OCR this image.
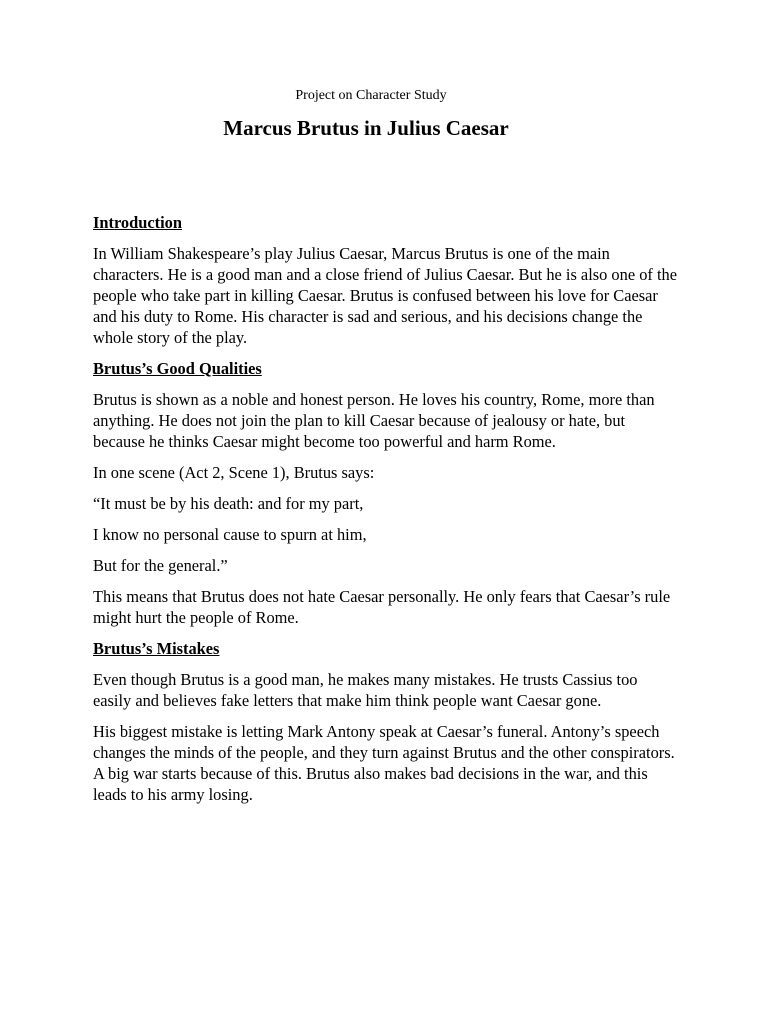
Project on Character Study
Marcus Brutus in Julius Caesar
Introduction

In William Shakespeare’s play Julius Caesar, Marcus Brutus is one of the main characters. He is a good man and a close friend of Julius Caesar. But he is also one of the people who take part in killing Caesar. Brutus is confused between his love for Caesar and his duty to Rome. His character is sad and serious, and his decisions change the whole story of the play.

Brutus’s Good Qualities

Brutus is shown as a noble and honest person. He loves his country, Rome, more than anything. He does not join the plan to kill Caesar because of jealousy or hate, but because he thinks Caesar might become too powerful and harm Rome.

In one scene (Act 2, Scene 1), Brutus says:

“It must be by his death: and for my part,

I know no personal cause to spurn at him,

But for the general.”

This means that Brutus does not hate Caesar personally. He only fears that Caesar’s rule might hurt the people of Rome.

Brutus’s Mistakes

Even though Brutus is a good man, he makes many mistakes. He trusts Cassius too easily and believes fake letters that make him think people want Caesar gone.

His biggest mistake is letting Mark Antony speak at Caesar’s funeral. Antony’s speech changes the minds of the people, and they turn against Brutus and the other conspirators. A big war starts because of this. Brutus also makes bad decisions in the war, and this leads to his army losing.
